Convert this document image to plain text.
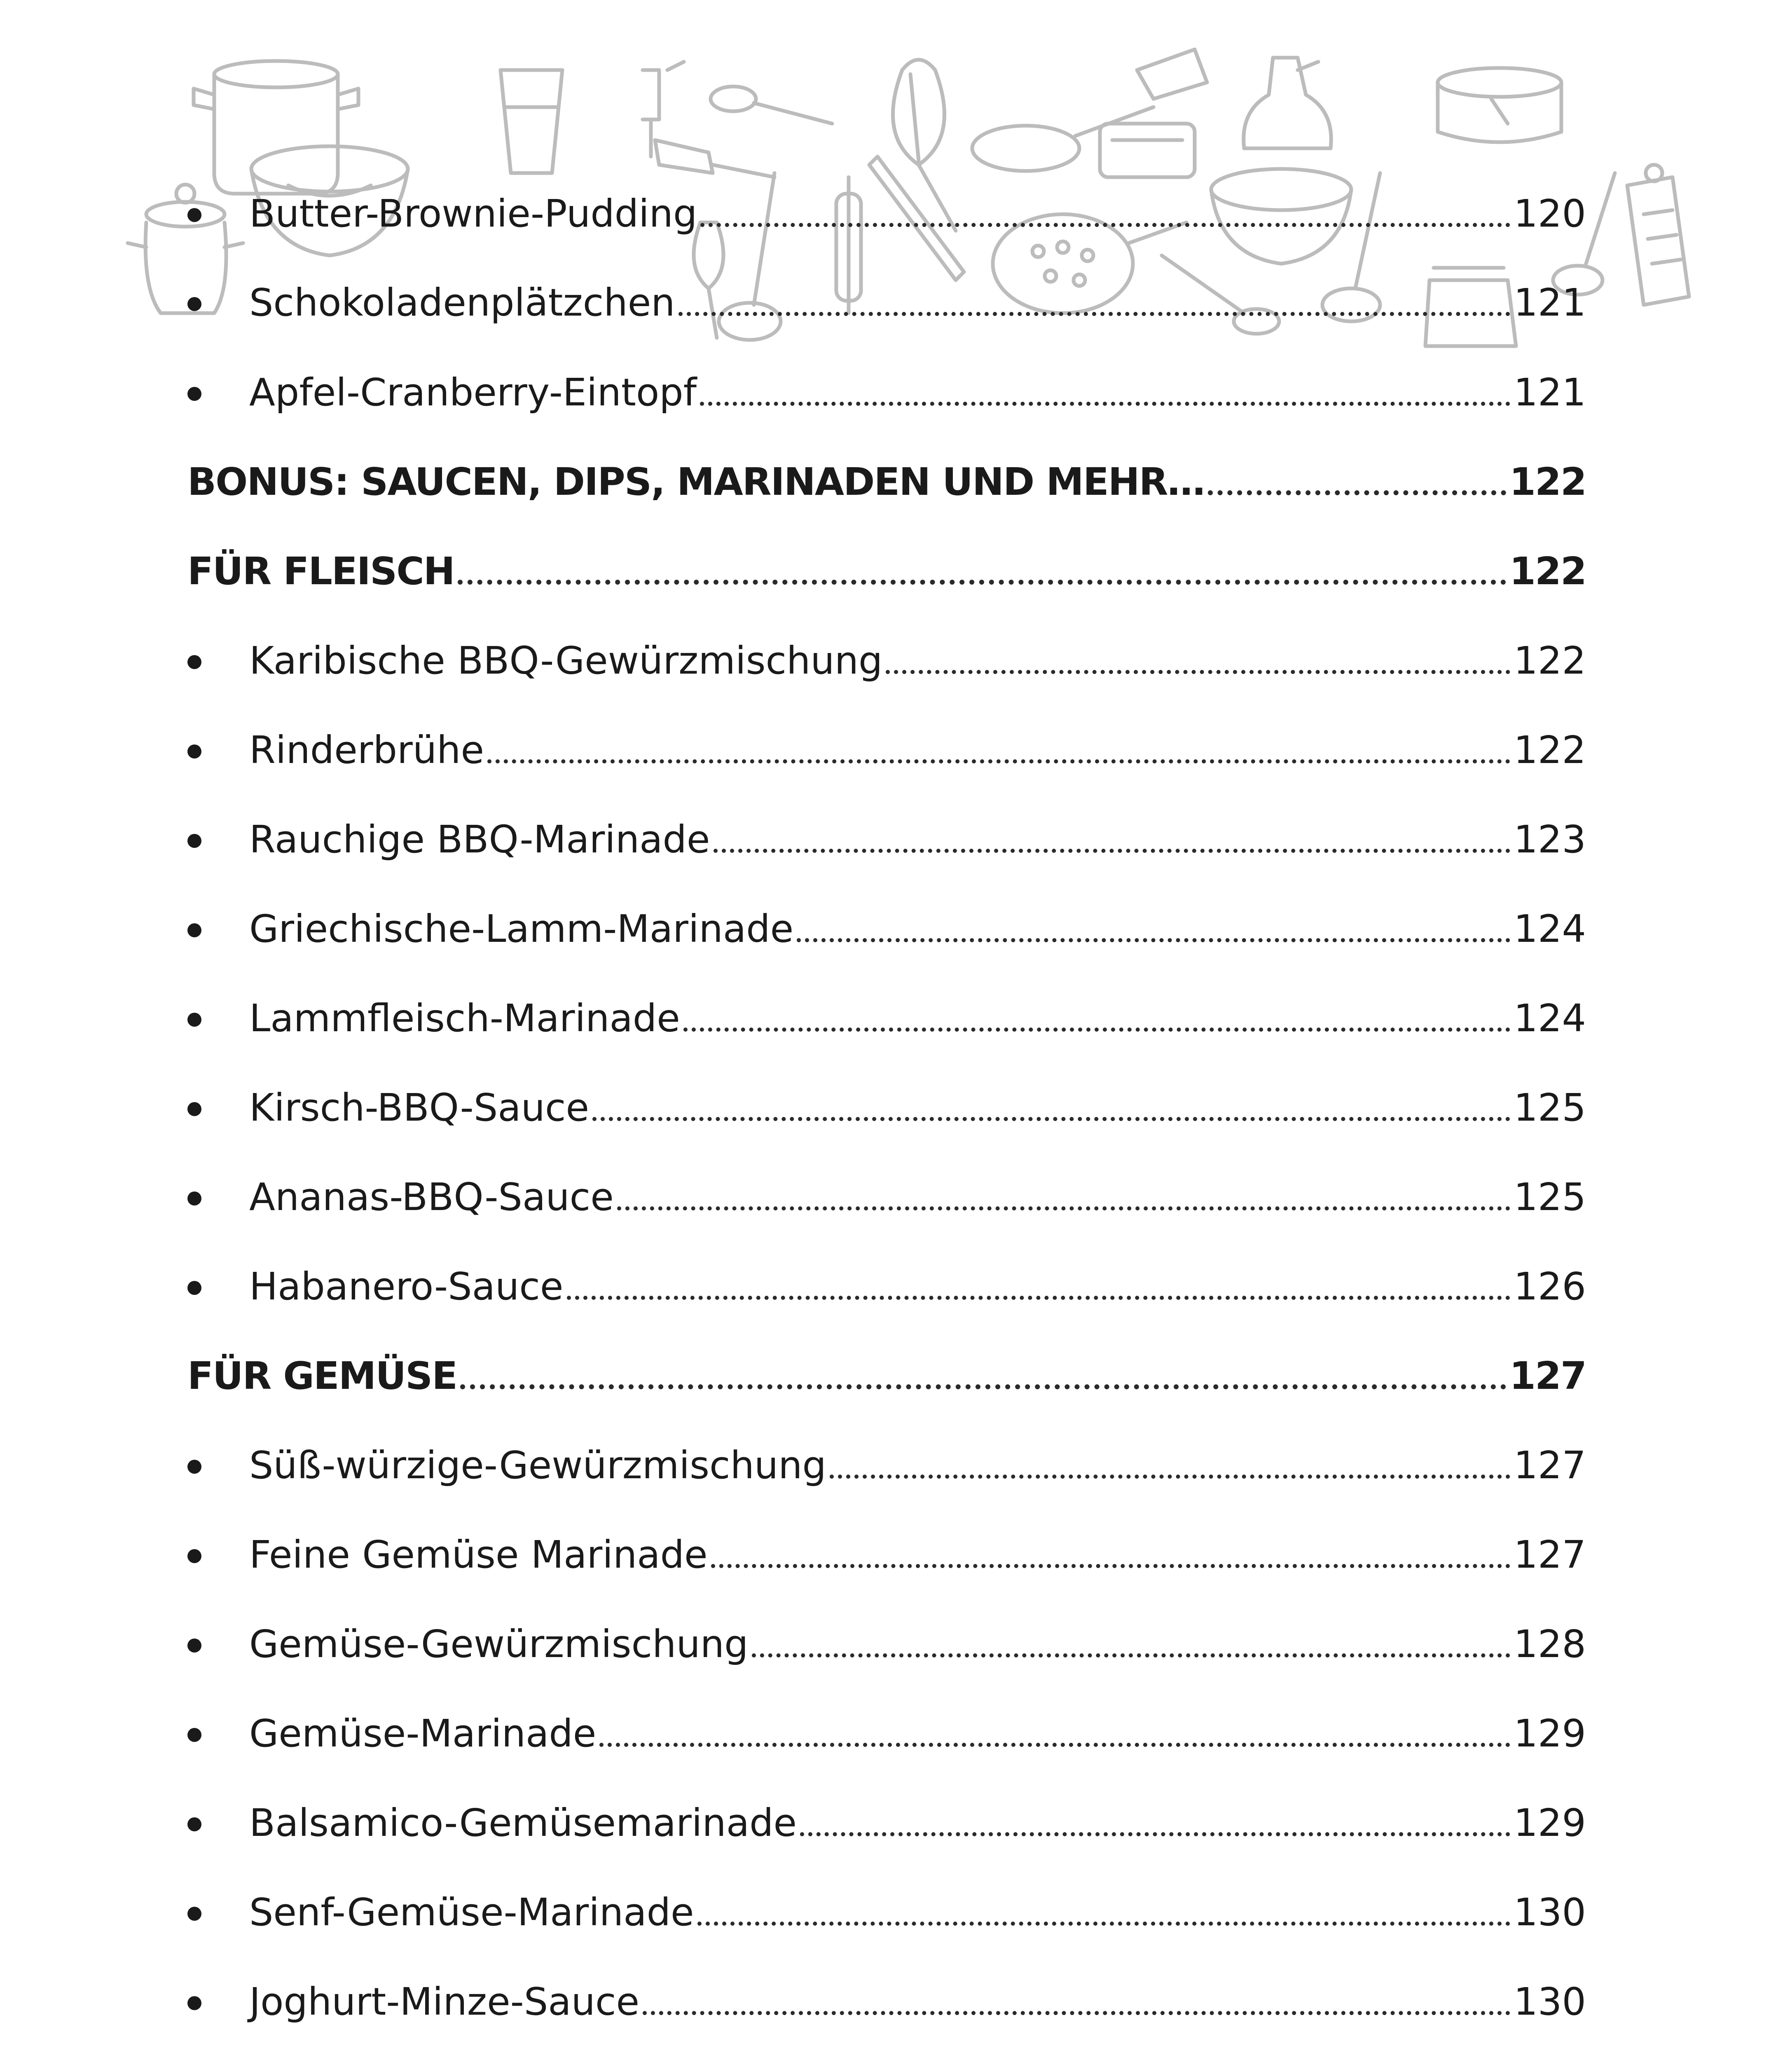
Butter-Brownie-Pudding	120
Schokoladenplätzchen	121
Apfel-Cranberry-Eintopf	121
BONUS: SAUCEN, DIPS, MARINADEN UND MEHR…	122
FÜR FLEISCH	122
Karibische BBQ-Gewürzmischung	122
Rinderbrühe	122
Rauchige BBQ-Marinade	123
Griechische-Lamm-Marinade	124
Lammfleisch-Marinade	124
Kirsch-BBQ-Sauce	125
Ananas-BBQ-Sauce	125
Habanero-Sauce	126
FÜR GEMÜSE	127
Süß-würzige-Gewürzmischung	127
Feine Gemüse Marinade	127
Gemüse-Gewürzmischung	128
Gemüse-Marinade	129
Balsamico-Gemüsemarinade	129
Senf-Gemüse-Marinade	130
Joghurt-Minze-Sauce	130
